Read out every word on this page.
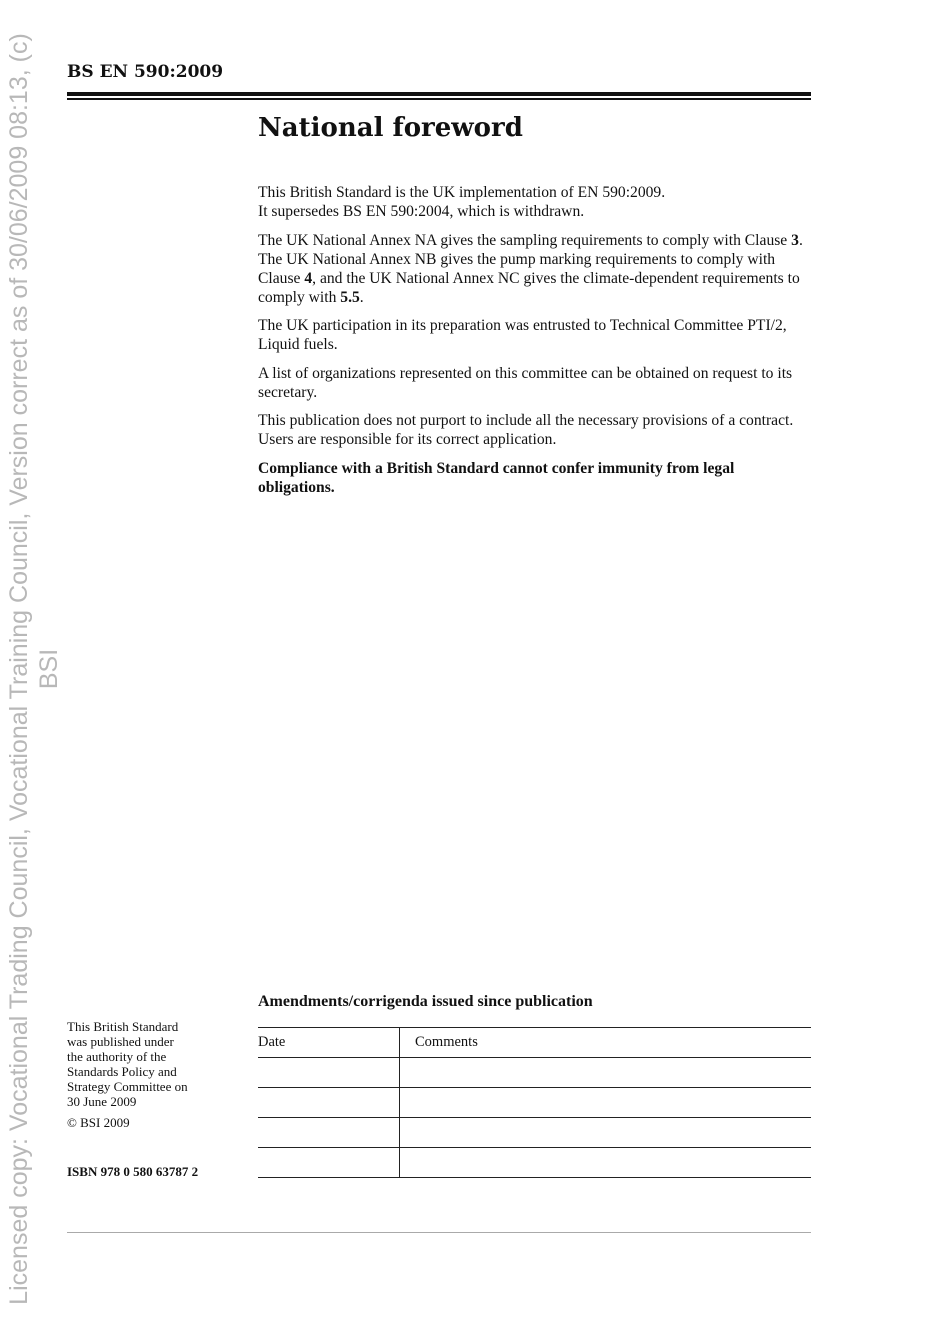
Licensed copy: Vocational Trading Council, Vocational Training Council, Version correct as of 30/06/2009 08:13, (c) BSI
BS EN 590:2009
National foreword

This British Standard is the UK implementation of EN 590:2009.
It supersedes BS EN 590:2004, which is withdrawn.

The UK National Annex NA gives the sampling requirements to comply with Clause 3. The UK National Annex NB gives the pump marking requirements to comply with Clause 4, and the UK National Annex NC gives the climate-dependent requirements to comply with 5.5.

The UK participation in its preparation was entrusted to Technical Committee PTI/2, Liquid fuels.

A list of organizations represented on this committee can be obtained on request to its secretary.

This publication does not purport to include all the necessary provisions of a contract. Users are responsible for its correct application.

Compliance with a British Standard cannot confer immunity from legal obligations.

Amendments/corrigenda issued since publication
Date	Comments

This British Standard
was published under
the authority of the
Standards Policy and
Strategy Committee on
30 June 2009
© BSI 2009
ISBN 978 0 580 63787 2
